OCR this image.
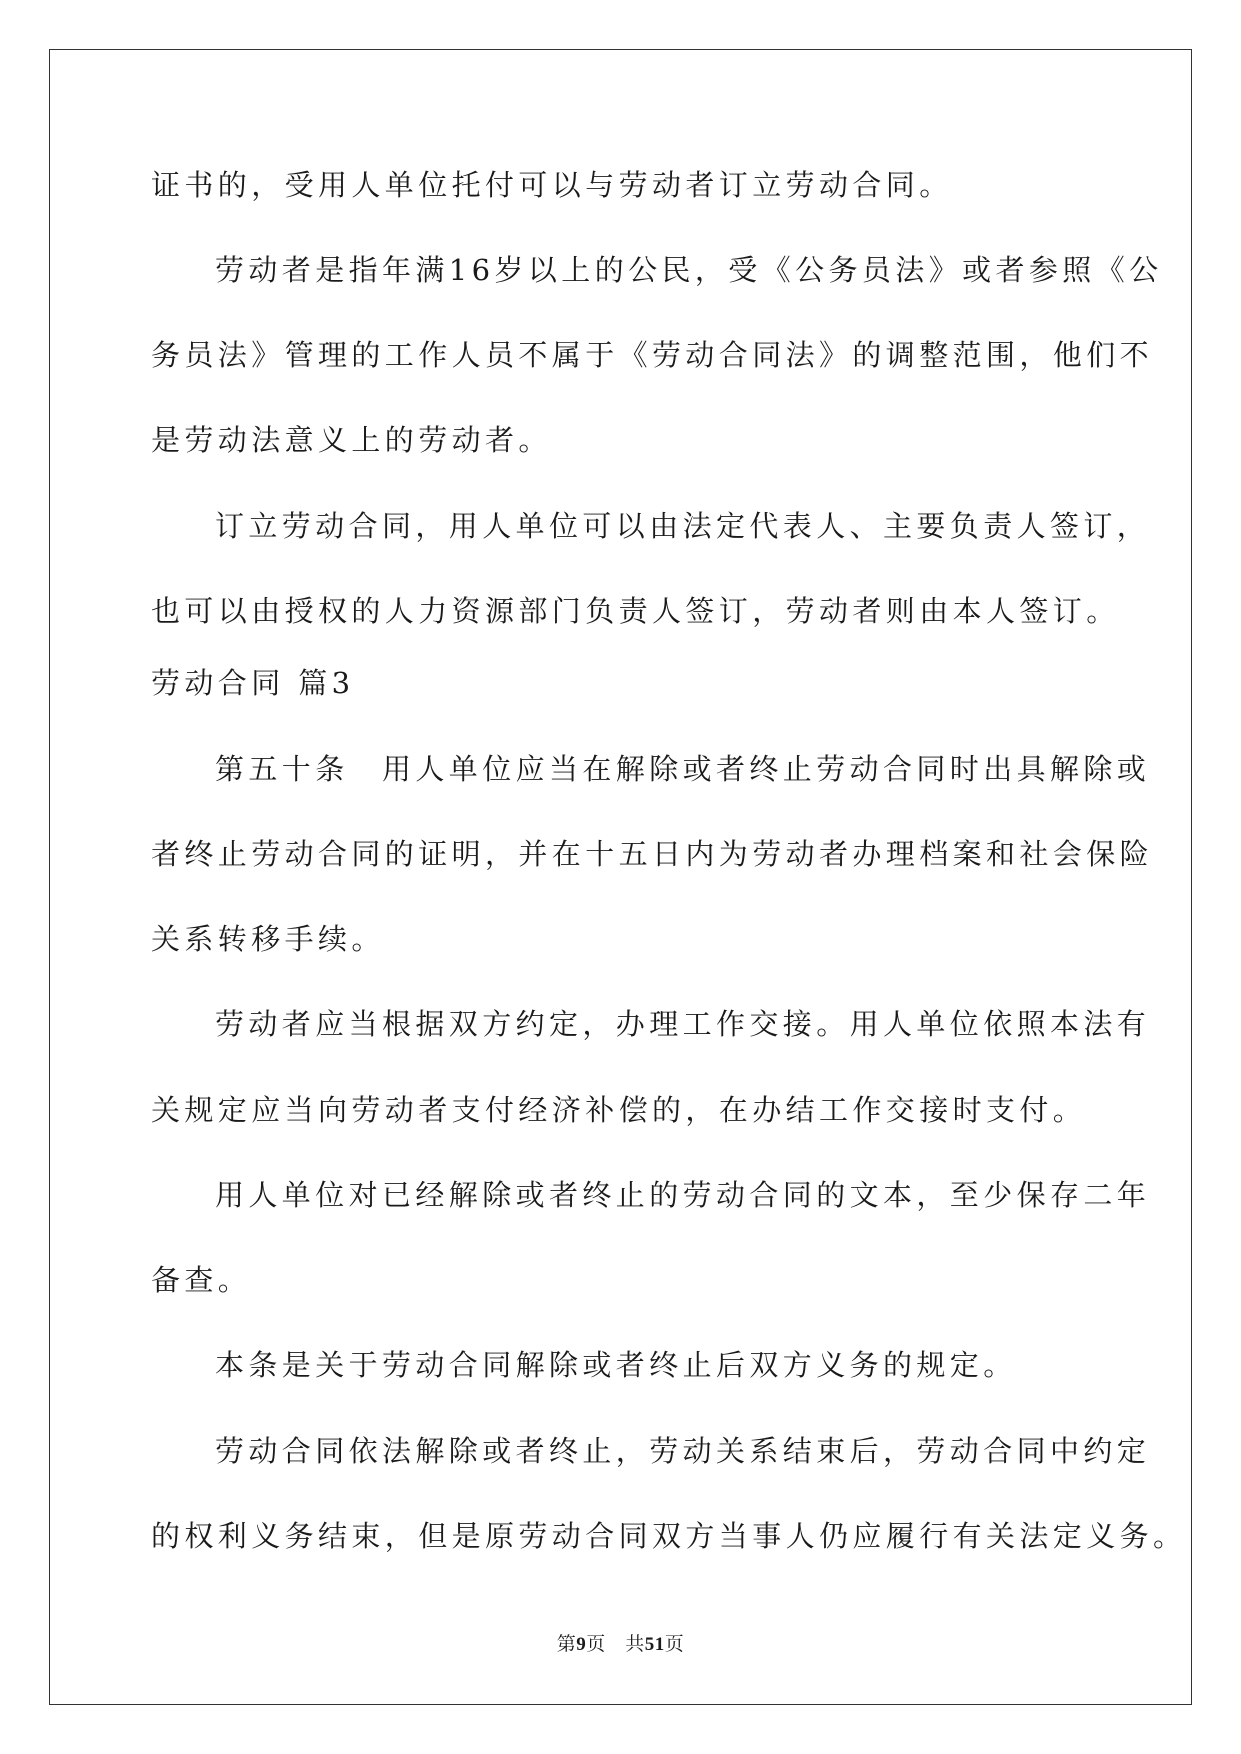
证书的，受用人单位托付可以与劳动者订立劳动合同。
劳动者是指年满16岁以上的公民，受《公务员法》或者参照《公
务员法》管理的工作人员不属于《劳动合同法》的调整范围，他们不
是劳动法意义上的劳动者。
订立劳动合同，用人单位可以由法定代表人、主要负责人签订，
也可以由授权的人力资源部门负责人签订，劳动者则由本人签订。
劳动合同 篇3
第五十条　用人单位应当在解除或者终止劳动合同时出具解除或
者终止劳动合同的证明，并在十五日内为劳动者办理档案和社会保险
关系转移手续。
劳动者应当根据双方约定，办理工作交接。用人单位依照本法有
关规定应当向劳动者支付经济补偿的，在办结工作交接时支付。
用人单位对已经解除或者终止的劳动合同的文本，至少保存二年
备查。
本条是关于劳动合同解除或者终止后双方义务的规定。
劳动合同依法解除或者终止，劳动关系结束后，劳动合同中约定
的权利义务结束，但是原劳动合同双方当事人仍应履行有关法定义务。
第9页　共51页
